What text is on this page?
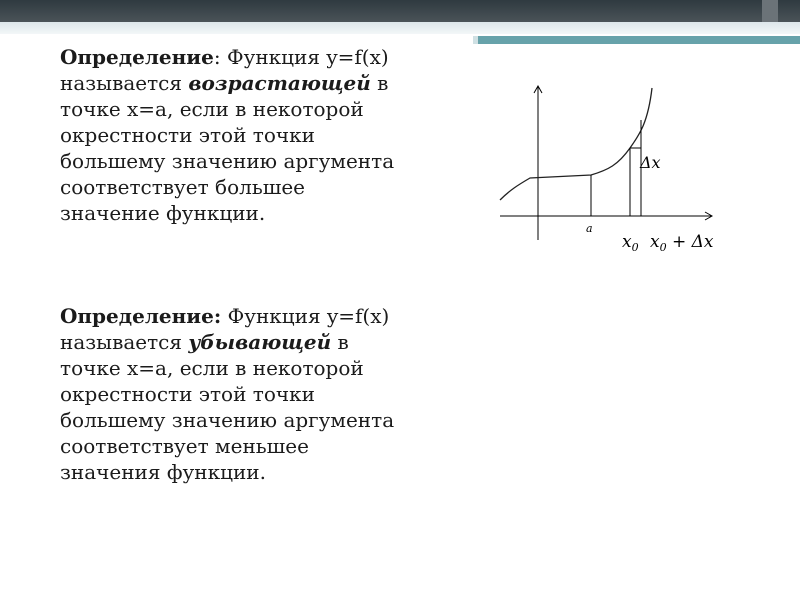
Определение: Функция y=f(x) называется возрастающей в точке x=a, если в некоторой окрестности этой точки большему значению аргумента соответствует большее значение функции.

Определение: Функция y=f(x) называется убывающей в точке x=a, если в некоторой окрестности этой точки большему значению аргумента соответствует меньшее значения функции.

a
Δx
$x_0$ $x_0 + \Delta x$
